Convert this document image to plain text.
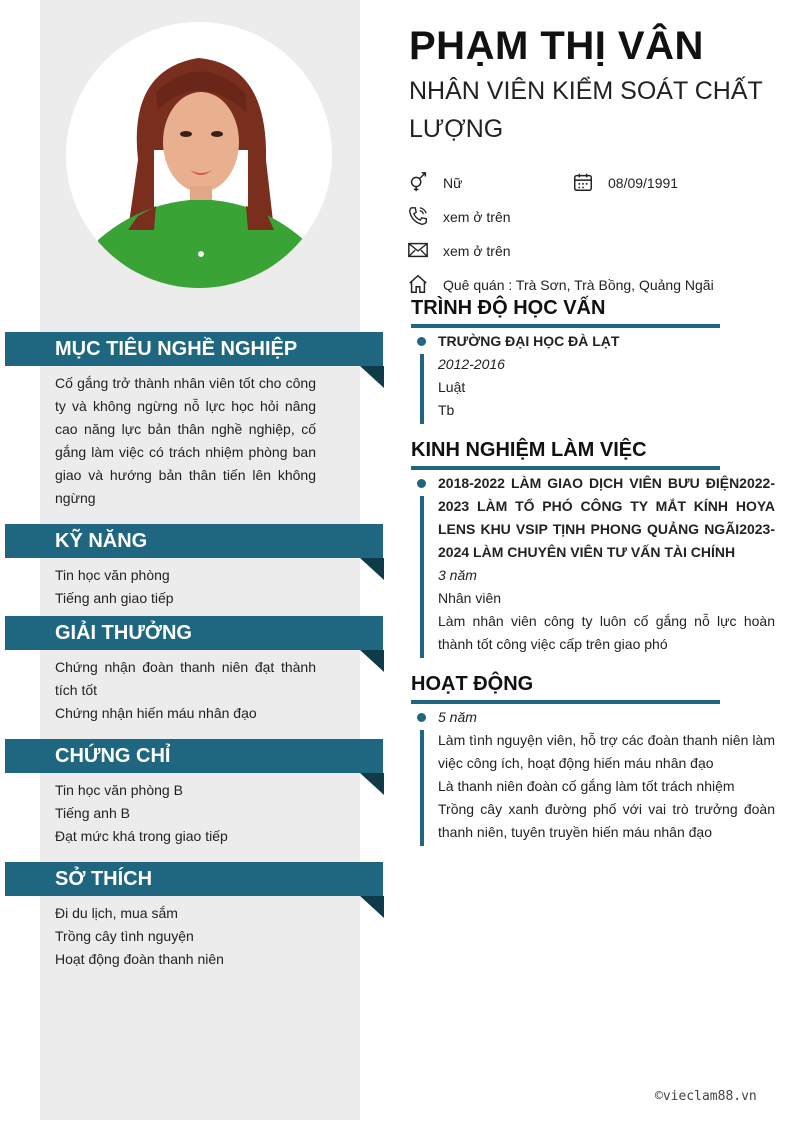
MỤC TIÊU NGHỀ NGHIỆP
Cố gắng trở thành nhân viên tốt cho công ty và không ngừng nỗ lực học hỏi nâng cao năng lực bản thân nghề nghiệp, cố gắng làm việc có trách nhiệm phòng ban giao và hướng bản thân tiến lên không ngừng
KỸ NĂNG
Tin học văn phòng
Tiếng anh giao tiếp
GIẢI THƯỞNG
Chứng nhận đoàn thanh niên đạt thành tích tốt
Chứng nhận hiến máu nhân đạo
CHỨNG CHỈ
Tin học văn phòng B
Tiếng anh B
Đạt mức khá trong giao tiếp
SỞ THÍCH
Đi du lịch, mua sắm
Trồng cây tình nguyện
Hoạt động đoàn thanh niên
PHẠM THỊ VÂN
NHÂN VIÊN KIỂM SOÁT CHẤT LƯỢNG
Nữ	08/09/1991
xem ở trên
xem ở trên
Quê quán : Trà Sơn, Trà Bồng, Quảng Ngãi
TRÌNH ĐỘ HỌC VẤN
TRƯỜNG ĐẠI HỌC ĐÀ LẠT
2012-2016
Luật
Tb
KINH NGHIỆM LÀM VIỆC
2018-2022 LÀM GIAO DỊCH VIÊN BƯU ĐIỆN2022-2023 LÀM TỔ PHÓ CÔNG TY MẮT KÍNH HOYA LENS KHU VSIP TỊNH PHONG QUẢNG NGÃI2023-2024 LÀM CHUYÊN VIÊN TƯ VẤN TÀI CHÍNH
3 năm
Nhân viên
Làm nhân viên công ty luôn cố gắng nỗ lực hoàn thành tốt công việc cấp trên giao phó
HOẠT ĐỘNG
5 năm
Làm tình nguyện viên, hỗ trợ các đoàn thanh niên làm việc công ích, hoạt động hiến máu nhân đạo
Là thanh niên đoàn cố gắng làm tốt trách nhiệm
Trồng cây xanh đường phố với vai trò trưởng đoàn thanh niên, tuyên truyền hiến máu nhân đạo
©vieclam88.vn
